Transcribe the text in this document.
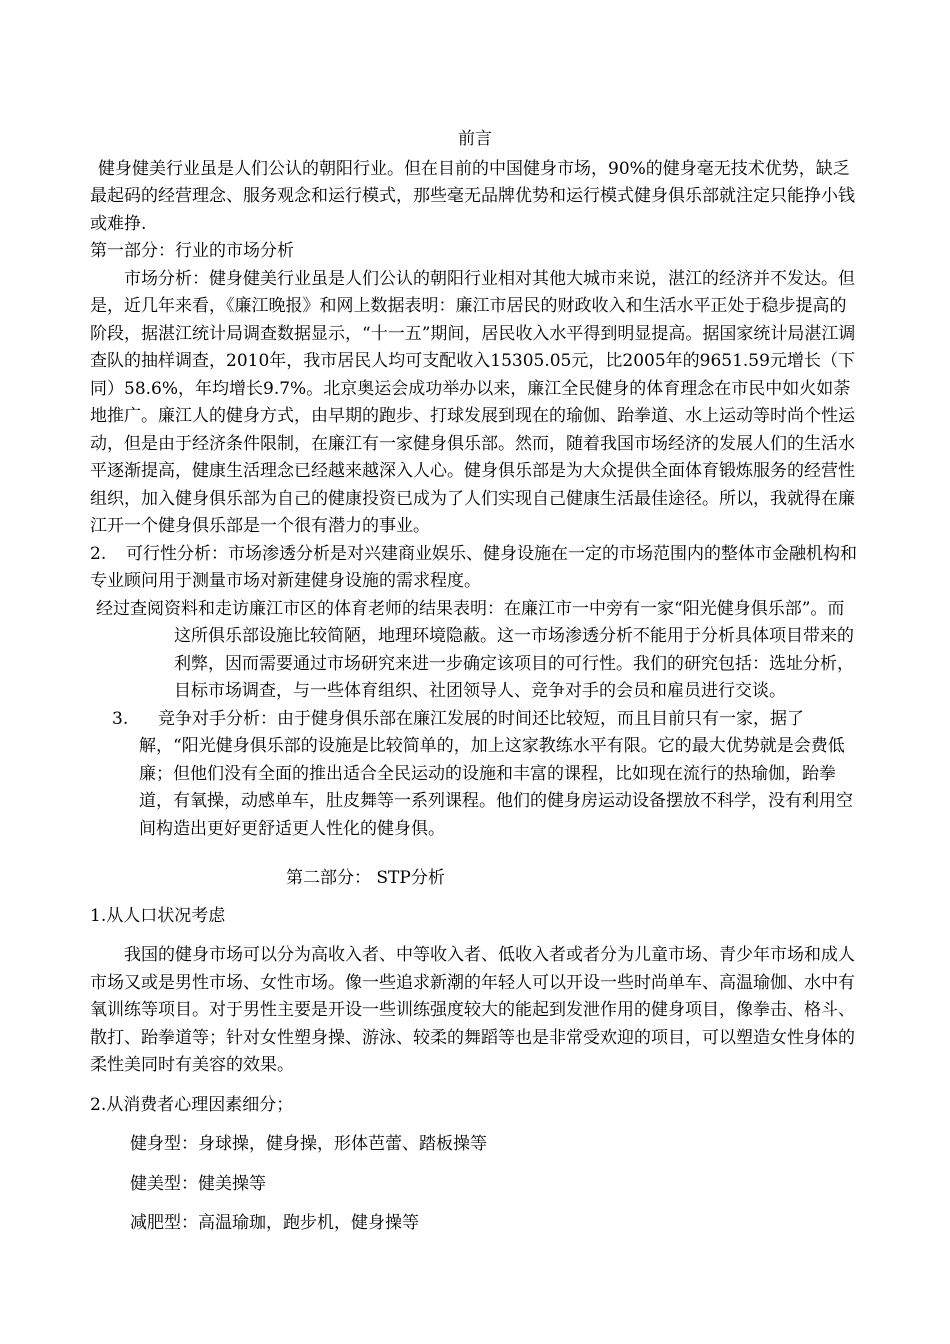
前言

健身健美行业虽是人们公认的朝阳行业。但在目前的中国健身市场，90%的健身毫无技术优势，缺乏最起码的经营理念、服务观念和运行模式，那些毫无品牌优势和运行模式健身俱乐部就注定只能挣小钱或难挣.

第一部分：行业的市场分析

市场分析：健身健美行业虽是人们公认的朝阳行业相对其他大城市来说，湛江的经济并不发达。但是，近几年来看，《廉江晚报》和网上数据表明：廉江市居民的财政收入和生活水平正处于稳步提高的阶段，据湛江统计局调查数据显示，“十一五”期间，居民收入水平得到明显提高。据国家统计局湛江调查队的抽样调查，2010年，我市居民人均可支配收入15305.05元，比2005年的9651.59元增长（下同）58.6%，年均增长9.7%。北京奥运会成功举办以来，廉江全民健身的体育理念在市民中如火如荼地推广。廉江人的健身方式，由早期的跑步、打球发展到现在的瑜伽、跆拳道、水上运动等时尚个性运动，但是由于经济条件限制，在廉江有一家健身俱乐部。然而，随着我国市场经济的发展人们的生活水平逐渐提高，健康生活理念已经越来越深入人心。健身俱乐部是为大众提供全面体育锻炼服务的经营性组织，加入健身俱乐部为自己的健康投资已成为了人们实现自己健康生活最佳途径。所以，我就得在廉江开一个健身俱乐部是一个很有潜力的事业。

2. 可行性分析：市场渗透分析是对兴建商业娱乐、健身设施在一定的市场范围内的整体市金融机构和专业顾问用于测量市场对新建健身设施的需求程度。

经过查阅资料和走访廉江市区的体育老师的结果表明：在廉江市一中旁有一家“阳光健身俱乐部”。而这所俱乐部设施比较简陋，地理环境隐蔽。这一市场渗透分析不能用于分析具体项目带来的利弊，因而需要通过市场研究来进一步确定该项目的可行性。我们的研究包括：选址分析，目标市场调查，与一些体育组织、社团领导人、竞争对手的会员和雇员进行交谈。

3. 竞争对手分析：由于健身俱乐部在廉江发展的时间还比较短，而且目前只有一家，据了解，“阳光健身俱乐部的设施是比较简单的，加上这家教练水平有限。它的最大优势就是会费低廉；但他们没有全面的推出适合全民运动的设施和丰富的课程，比如现在流行的热瑜伽，跆拳道，有氧操，动感单车，肚皮舞等一系列课程。他们的健身房运动设备摆放不科学，没有利用空间构造出更好更舒适更人性化的健身俱。

第二部分： STP分析

1.从人口状况考虑

我国的健身市场可以分为高收入者、中等收入者、低收入者或者分为儿童市场、青少年市场和成人市场又或是男性市场、女性市场。像一些追求新潮的年轻人可以开设一些时尚单车、高温瑜伽、水中有氧训练等项目。对于男性主要是开设一些训练强度较大的能起到发泄作用的健身项目，像拳击、格斗、散打、跆拳道等；针对女性塑身操、游泳、较柔的舞蹈等也是非常受欢迎的项目，可以塑造女性身体的柔性美同时有美容的效果。

2.从消费者心理因素细分；

健身型：身球操，健身操，形体芭蕾、踏板操等

健美型：健美操等

减肥型：高温瑜珈，跑步机，健身操等
